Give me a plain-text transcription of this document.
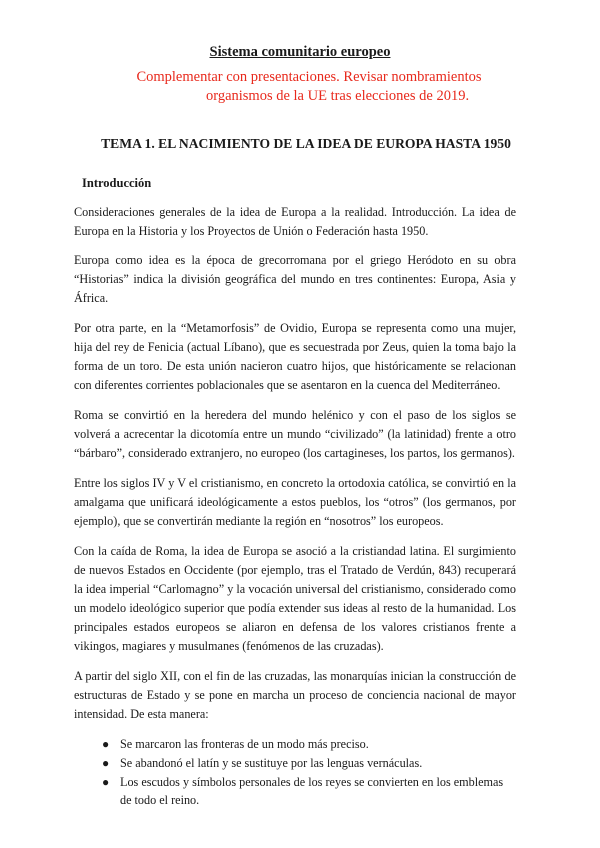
Sistema comunitario europeo

Complementar con presentaciones. Revisar nombramientos
organismos de la UE tras elecciones de 2019.

TEMA 1. EL NACIMIENTO DE LA IDEA DE EUROPA HASTA 1950
Introducción

Consideraciones generales de la idea de Europa a la realidad. Introducción. La idea de Europa en la Historia y los Proyectos de Unión o Federación hasta 1950.

Europa como idea es la época de grecorromana por el griego Heródoto en su obra “Historias” indica la división geográfica del mundo en tres continentes: Europa, Asia y África.

Por otra parte, en la “Metamorfosis” de Ovidio, Europa se representa como una mujer, hija del rey de Fenicia (actual Líbano), que es secuestrada por Zeus, quien la toma bajo la forma de un toro. De esta unión nacieron cuatro hijos, que históricamente se relacionan con diferentes corrientes poblacionales que se asentaron en la cuenca del Mediterráneo.

Roma se convirtió en la heredera del mundo helénico y con el paso de los siglos se volverá a acrecentar la dicotomía entre un mundo “civilizado” (la latinidad) frente a otro “bárbaro”, considerado extranjero, no europeo (los cartagineses, los partos, los germanos).

Entre los siglos IV y V el cristianismo, en concreto la ortodoxia católica, se convirtió en la amalgama que unificará ideológicamente a estos pueblos, los “otros” (los germanos, por ejemplo), que se convertirán mediante la región en “nosotros” los europeos.

Con la caída de Roma, la idea de Europa se asoció a la cristiandad latina. El surgimiento de nuevos Estados en Occidente (por ejemplo, tras el Tratado de Verdún, 843) recuperará la idea imperial “Carlomagno” y la vocación universal del cristianismo, considerado como un modelo ideológico superior que podía extender sus ideas al resto de la humanidad. Los principales estados europeos se aliaron en defensa de los valores cristianos frente a vikingos, magiares y musulmanes (fenómenos de las cruzadas).

A partir del siglo XII, con el fin de las cruzadas, las monarquías inician la construcción de estructuras de Estado y se pone en marcha un proceso de conciencia nacional de mayor intensidad. De esta manera:

● Se marcaron las fronteras de un modo más preciso.
● Se abandonó el latín y se sustituye por las lenguas vernáculas.
● Los escudos y símbolos personales de los reyes se convierten en los emblemas de todo el reino.
